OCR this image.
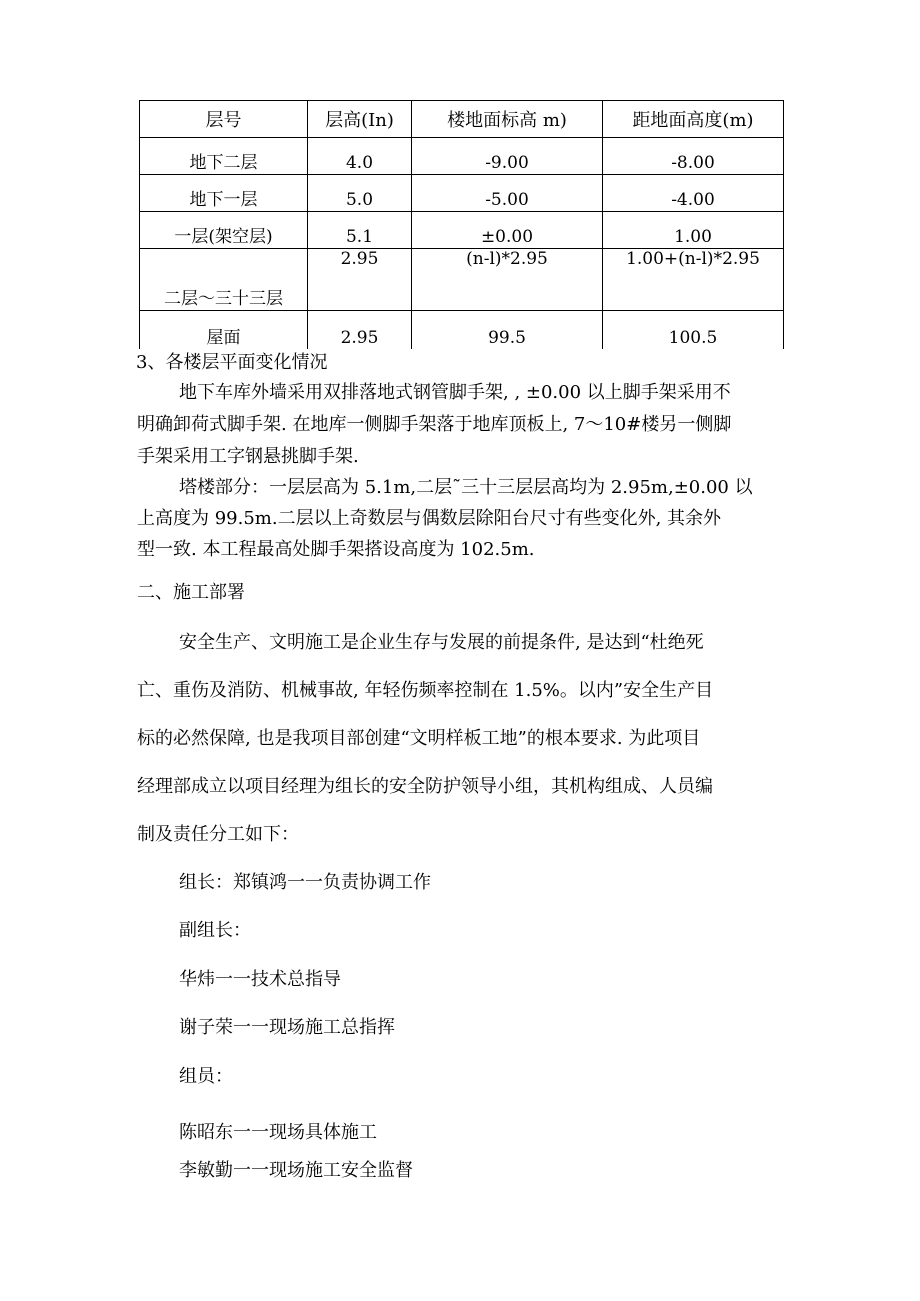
层号	层高(In)	楼地面标高 m)	距地面高度(m)
地下二层	4.0	-9.00	-8.00
地下一层	5.0	-5.00	-4.00
一层(架空层)	5.1	±0.00	1.00
二层～三十三层	2.95	(n-l)*2.95	1.00+(n-l)*2.95
屋面	2.95	99.5	100.5
3、各楼层平面变化情况
地下车库外墙采用双排落地式钢管脚手架, , ±0.00 以上脚手架采用不
明确卸荷式脚手架. 在地库一侧脚手架落于地库顶板上, 7～10#楼另一侧脚
手架采用工字钢悬挑脚手架.
塔楼部分：一层层高为 5.1m,二层˜三十三层层高均为 2.95m,±0.00 以
上高度为 99.5m.二层以上奇数层与偶数层除阳台尺寸有些变化外, 其余外
型一致. 本工程最高处脚手架搭设高度为 102.5m.
二、施工部署
安全生产、文明施工是企业生存与发展的前提条件, 是达到“杜绝死
亡、重伤及消防、机械事故, 年轻伤频率控制在 1.5%。以内”安全生产目
标的必然保障, 也是我项目部创建“文明样板工地”的根本要求. 为此项目
经理部成立以项目经理为组长的安全防护领导小组，其机构组成、人员编
制及责任分工如下：
组长：郑镇鸿一一负责协调工作
副组长：
华炜一一技术总指导
谢子荣一一现场施工总指挥
组员：
陈昭东一一现场具体施工
李敏勤一一现场施工安全监督
